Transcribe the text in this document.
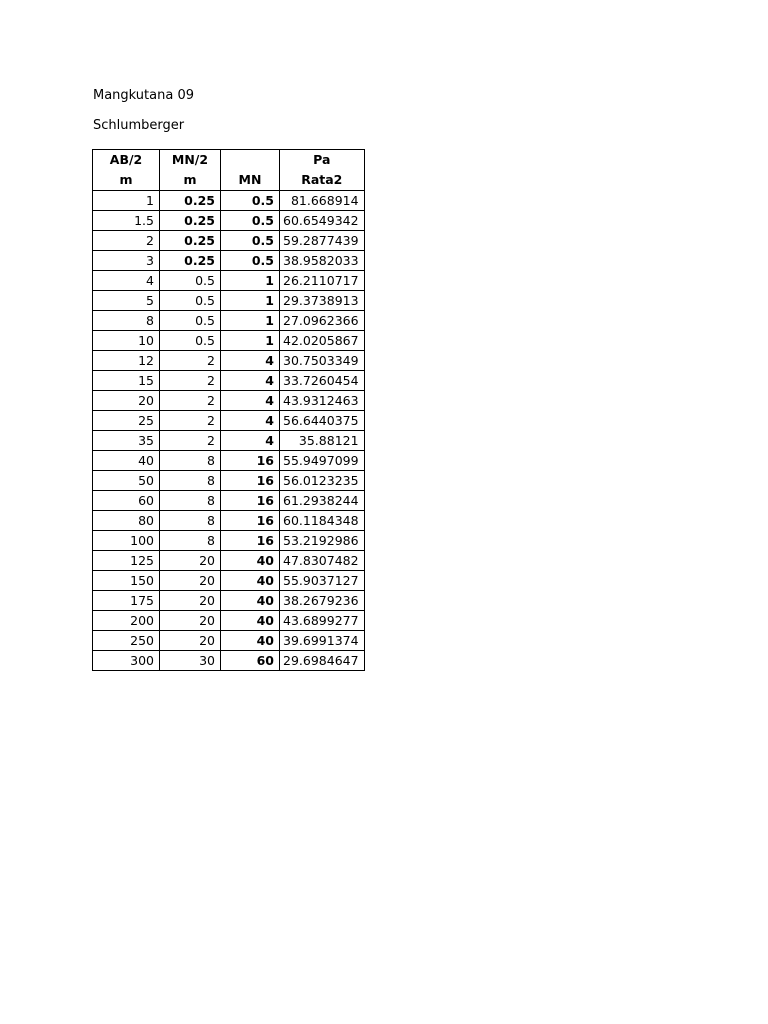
Mangkutana 09
Schlumberger
AB/2	MN/2		Pa
m	m	MN	Rata2
1	0.25	0.5	81.668914
1.5	0.25	0.5	60.6549342
2	0.25	0.5	59.2877439
3	0.25	0.5	38.9582033
4	0.5	1	26.2110717
5	0.5	1	29.3738913
8	0.5	1	27.0962366
10	0.5	1	42.0205867
12	2	4	30.7503349
15	2	4	33.7260454
20	2	4	43.9312463
25	2	4	56.6440375
35	2	4	35.88121
40	8	16	55.9497099
50	8	16	56.0123235
60	8	16	61.2938244
80	8	16	60.1184348
100	8	16	53.2192986
125	20	40	47.8307482
150	20	40	55.9037127
175	20	40	38.2679236
200	20	40	43.6899277
250	20	40	39.6991374
300	30	60	29.6984647
